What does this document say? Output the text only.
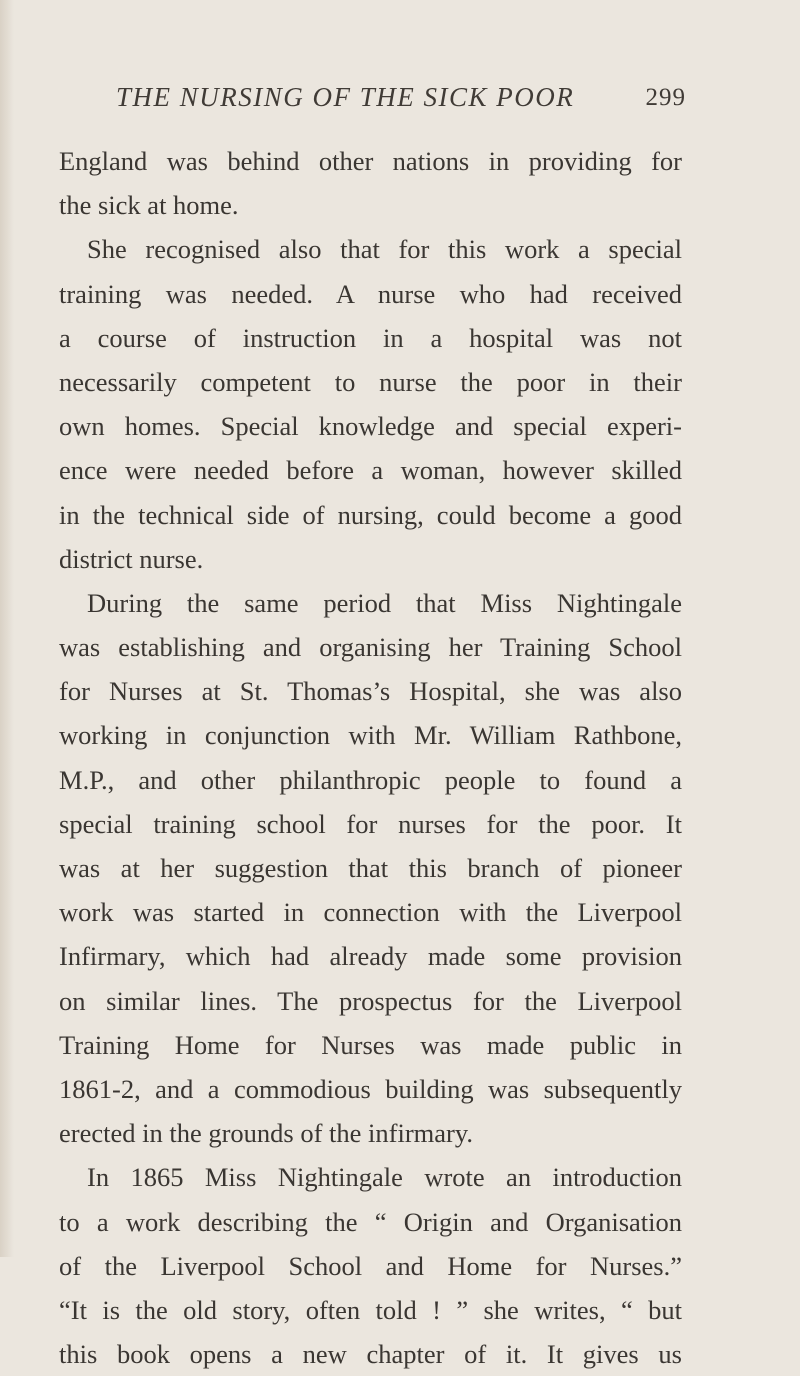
THE NURSING OF THE SICK POOR	299
England was behind other nations in providing for
the sick at home.
She recognised also that for this work a special
training was needed. A nurse who had received
a course of instruction in a hospital was not
necessarily competent to nurse the poor in their
own homes. Special knowledge and special experi-
ence were needed before a woman, however skilled
in the technical side of nursing, could become a good
district nurse.
During the same period that Miss Nightingale
was establishing and organising her Training School
for Nurses at St. Thomas’s Hospital, she was also
working in conjunction with Mr. William Rathbone,
M.P., and other philanthropic people to found a
special training school for nurses for the poor. It
was at her suggestion that this branch of pioneer
work was started in connection with the Liverpool
Infirmary, which had already made some provision
on similar lines. The prospectus for the Liverpool
Training Home for Nurses was made public in
1861-2, and a commodious building was subsequently
erected in the grounds of the infirmary.
In 1865 Miss Nightingale wrote an introduction
to a work describing the “ Origin and Organisation
of the Liverpool School and Home for Nurses.”
“It is the old story, often told ! ” she writes, “ but
this book opens a new chapter of it. It gives us
